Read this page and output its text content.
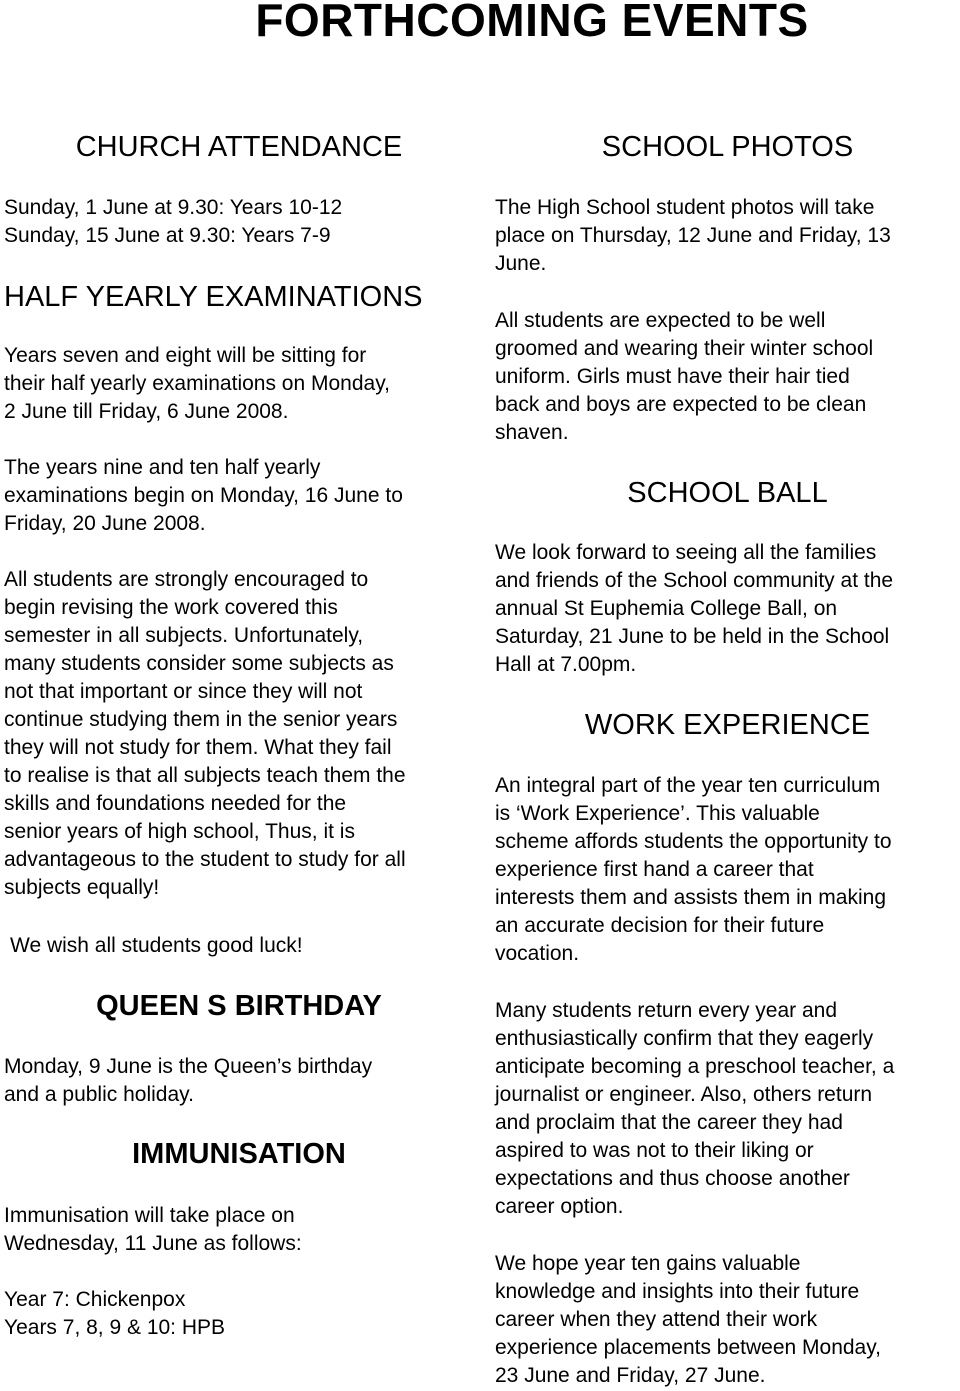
FORTHCOMING EVENTS
CHURCH ATTENDANCE

Sunday, 1 June at 9.30: Years 10-12
Sunday, 15 June at 9.30: Years 7-9

HALF YEARLY EXAMINATIONS

Years seven and eight will be sitting for
their half yearly examinations on Monday,
2 June till Friday, 6 June 2008.

The years nine and ten half yearly
examinations begin on Monday, 16 June to
Friday, 20 June 2008.

All students are strongly encouraged to
begin revising the work covered this
semester in all subjects. Unfortunately,
many students consider some subjects as
not that important or since they will not
continue studying them in the senior years
they will not study for them. What they fail
to realise is that all subjects teach them the
skills and foundations needed for the
senior years of high school, Thus, it is
advantageous to the student to study for all
subjects equally!

We wish all students good luck!

QUEEN S BIRTHDAY

Monday, 9 June is the Queen’s birthday
and a public holiday.

IMMUNISATION

Immunisation will take place on
Wednesday, 11 June as follows:

Year 7: Chickenpox
Years 7, 8, 9 & 10: HPB

SCHOOL PHOTOS

The High School student photos will take
place on Thursday, 12 June and Friday, 13
June.

All students are expected to be well
groomed and wearing their winter school
uniform. Girls must have their hair tied
back and boys are expected to be clean
shaven.

SCHOOL BALL

We look forward to seeing all the families
and friends of the School community at the
annual St Euphemia College Ball, on
Saturday, 21 June to be held in the School
Hall at 7.00pm.

WORK EXPERIENCE

An integral part of the year ten curriculum
is ‘Work Experience’. This valuable
scheme affords students the opportunity to
experience first hand a career that
interests them and assists them in making
an accurate decision for their future
vocation.

Many students return every year and
enthusiastically confirm that they eagerly
anticipate becoming a preschool teacher, a
journalist or engineer. Also, others return
and proclaim that the career they had
aspired to was not to their liking or
expectations and thus choose another
career option.

We hope year ten gains valuable
knowledge and insights into their future
career when they attend their work
experience placements between Monday,
23 June and Friday, 27 June.
